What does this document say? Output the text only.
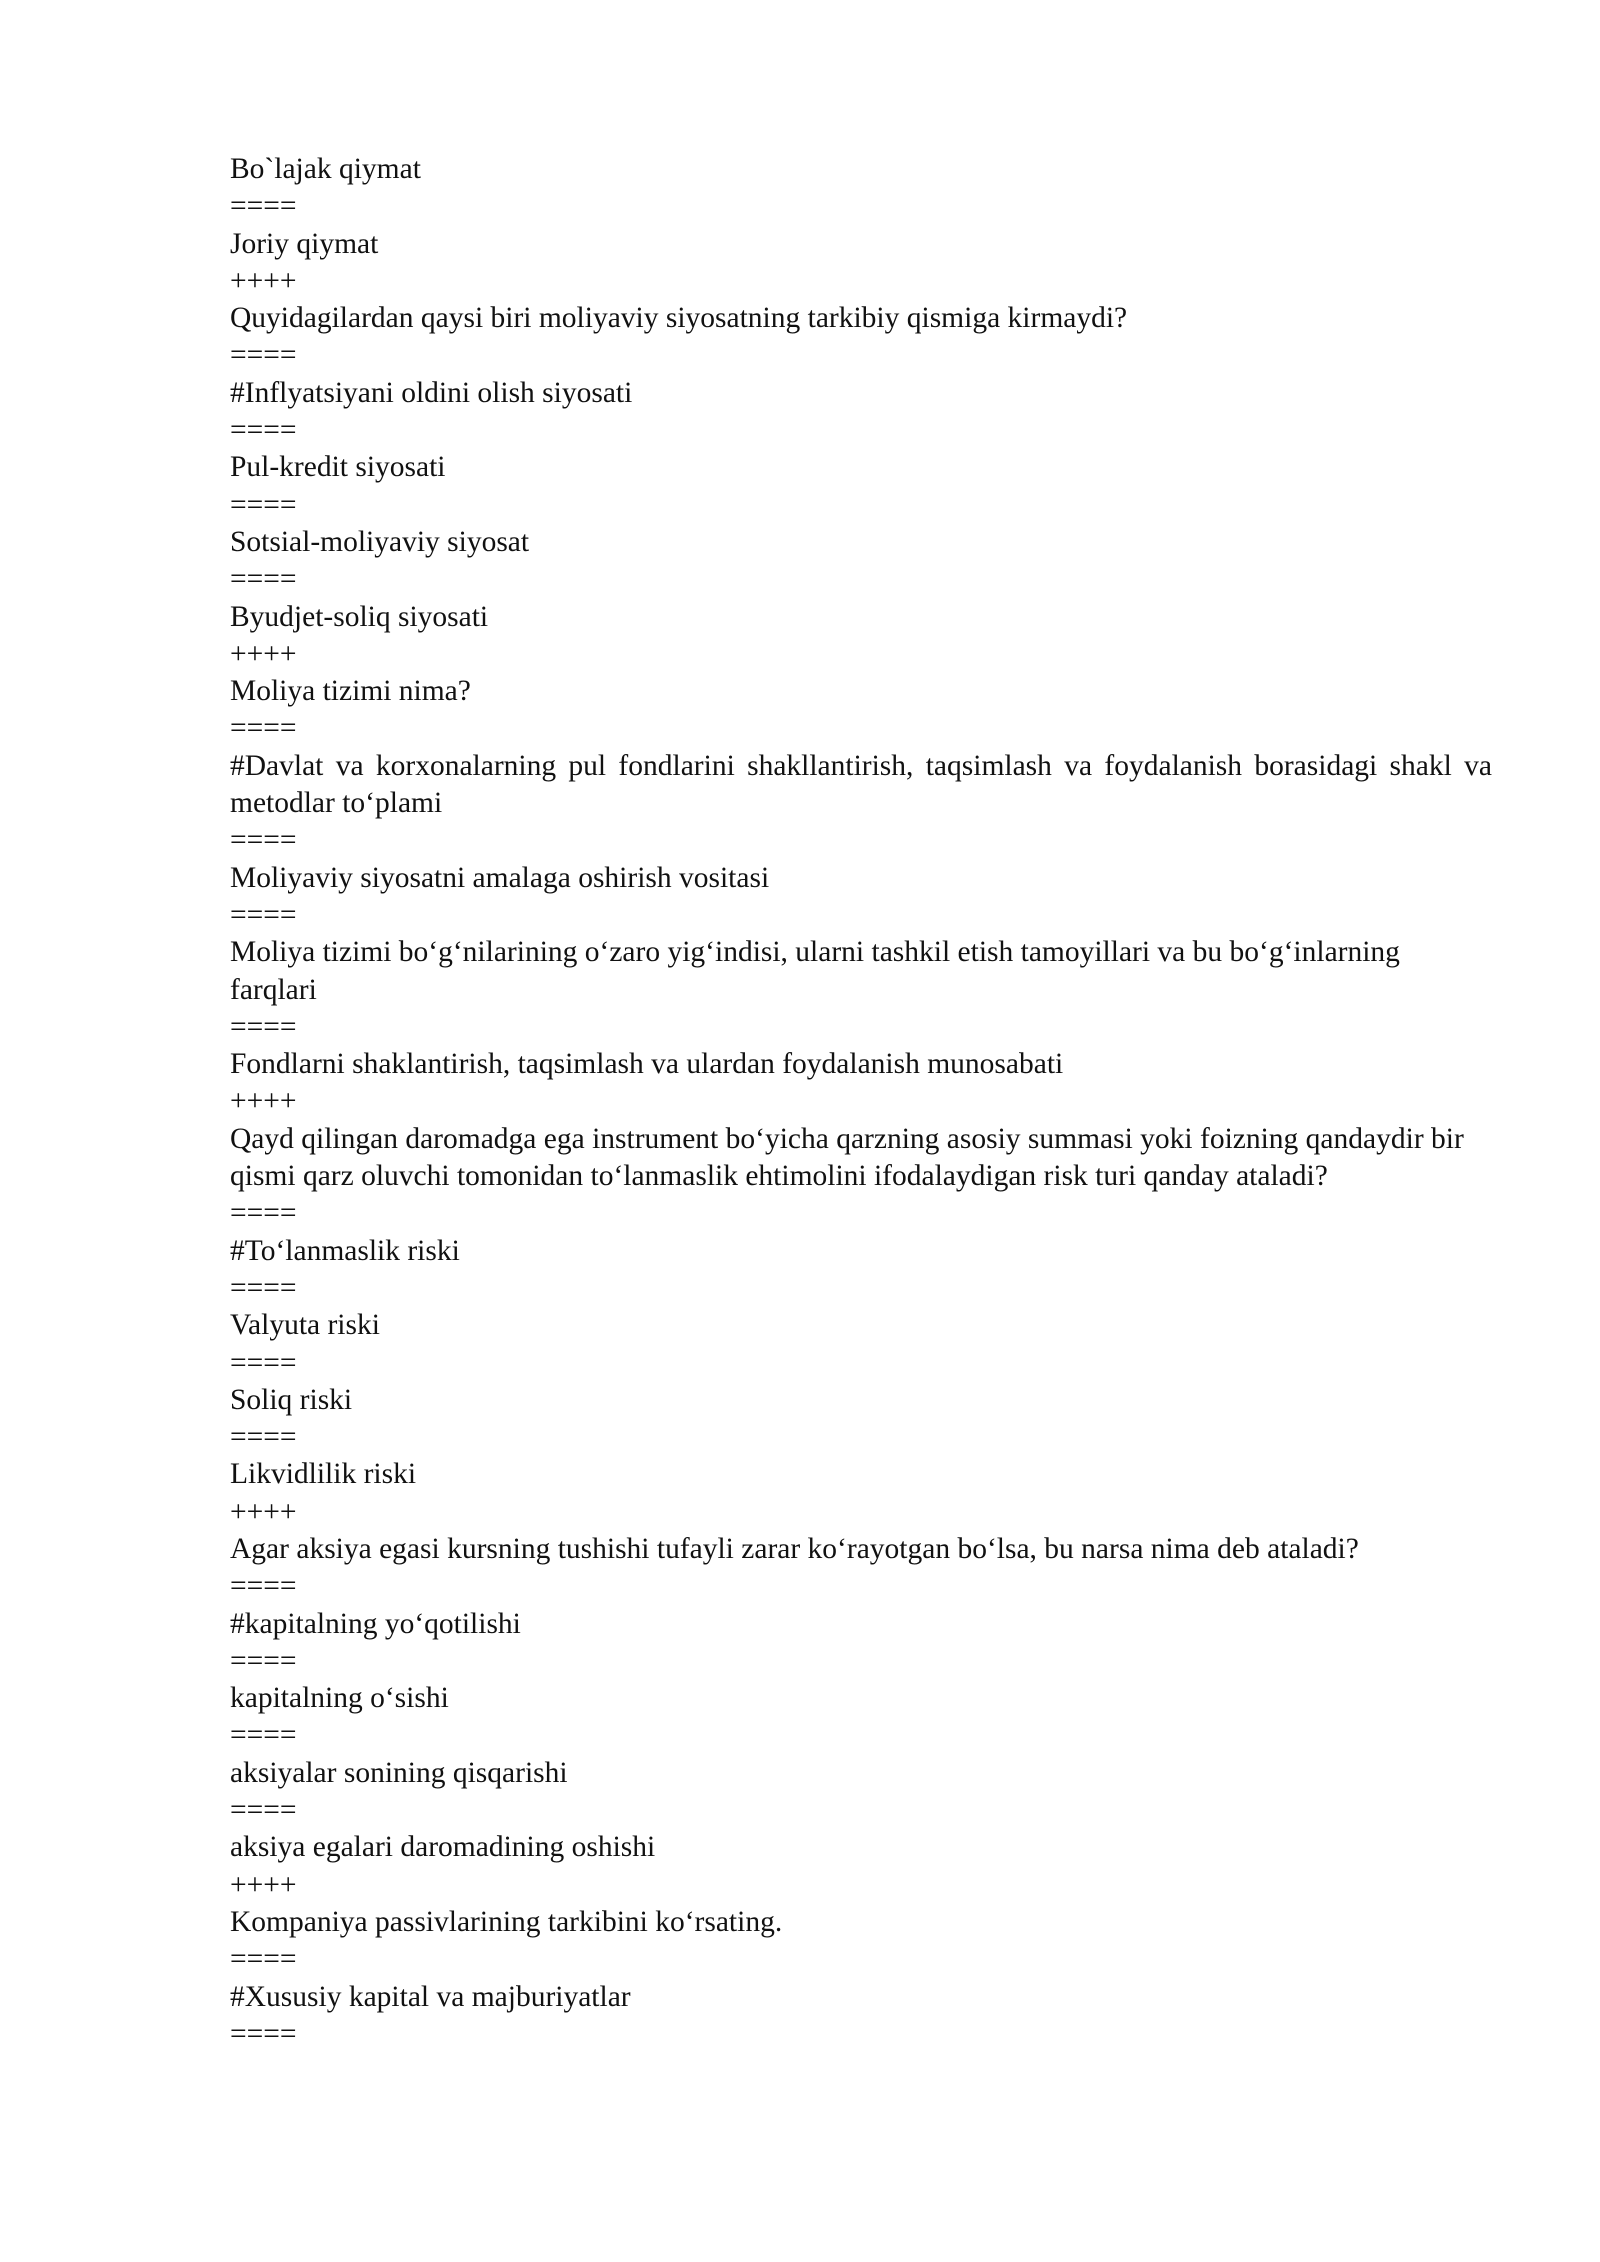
Bo`lajak qiymat

====

Joriy qiymat

++++

Quyidagilardan qaysi biri moliyaviy siyosatning tarkibiy qismiga kirmaydi?

====

#Inflyatsiyani oldini olish siyosati

====

Pul-kredit siyosati

====

Sotsial-moliyaviy siyosat

====

Byudjet-soliq siyosati

++++

Moliya tizimi nima?

====

#Davlat va korxonalarning pul fondlarini shakllantirish, taqsimlash va foydalanish borasidagi shakl va metodlar to‘plami

====

Moliyaviy siyosatni amalaga oshirish vositasi

====

Moliya tizimi bo‘g‘nilarining o‘zaro yig‘indisi, ularni tashkil etish tamoyillari va bu bo‘g‘inlarning farqlari

====

Fondlarni shaklantirish, taqsimlash va ulardan foydalanish munosabati

++++

Qayd qilingan daromadga ega instrument bo‘yicha qarzning asosiy summasi yoki foizning qandaydir bir qismi qarz oluvchi tomonidan to‘lanmaslik ehtimolini ifodalaydigan risk turi qanday ataladi?

====

#To‘lanmaslik riski

====

Valyuta riski

====

Soliq riski

====

Likvidlilik riski

++++

Agar aksiya egasi kursning tushishi tufayli zarar ko‘rayotgan bo‘lsa, bu narsa nima deb ataladi?

====

#kapitalning yo‘qotilishi

====

kapitalning o‘sishi

====

aksiyalar sonining qisqarishi

====

aksiya egalari daromadining oshishi

++++

Kompaniya passivlarining tarkibini ko‘rsating.

====

#Xususiy kapital va majburiyatlar

====
